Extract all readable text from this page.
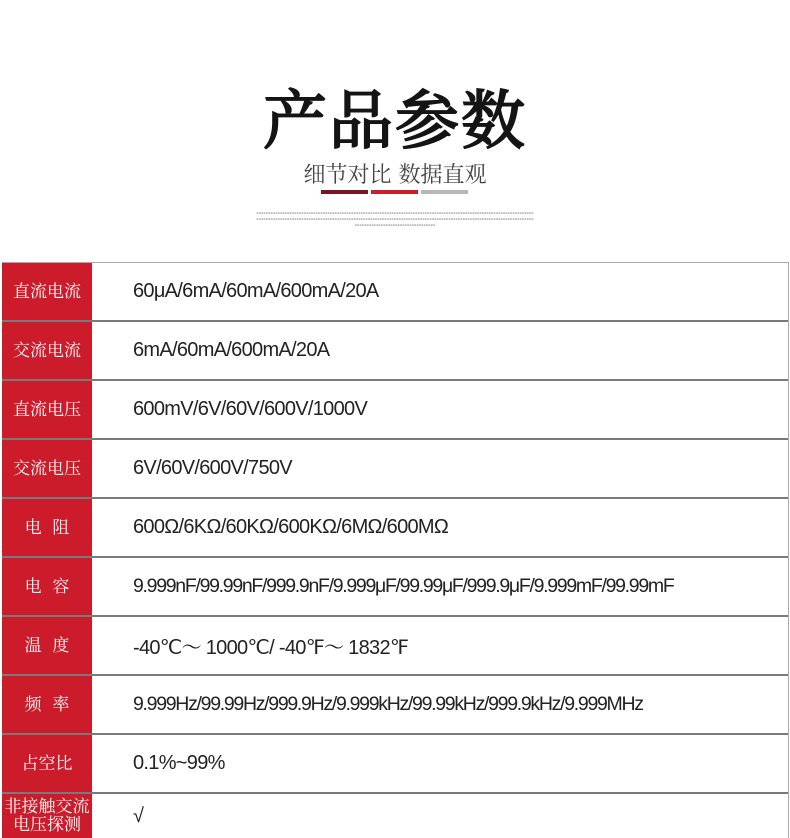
产品参数
细节对比 数据直观
▪▪▪▪▪▪▪▪▪▪▪▪▪▪▪▪▪▪▪▪▪▪▪▪▪▪▪▪▪▪▪▪▪▪▪▪▪▪▪▪▪▪▪▪▪▪▪▪▪▪▪▪▪▪▪▪▪▪▪▪▪▪▪▪▪▪▪▪▪▪▪▪▪▪▪▪▪▪▪▪▪▪▪▪▪▪▪▪▪▪▪▪▪▪▪▪▪▪▪▪▪▪▪▪▪▪▪▪▪▪▪▪▪▪▪▪▪
▪▪▪▪▪▪▪▪▪▪▪▪▪▪▪▪▪▪▪▪▪▪▪▪▪▪▪▪▪▪▪▪▪▪▪▪▪▪▪▪▪▪▪▪▪▪▪▪▪▪▪▪▪▪▪▪▪▪▪▪▪▪▪▪▪▪▪▪▪▪▪▪▪▪▪▪▪▪▪▪▪▪▪▪▪▪▪▪▪▪▪▪▪▪▪▪▪▪▪▪▪▪▪▪▪▪▪▪▪▪▪▪▪▪▪▪▪
▪▪▪▪▪▪▪▪▪▪▪▪▪▪▪▪▪▪▪▪▪▪▪▪▪▪▪▪▪▪▪▪▪▪
直流电流	60μA/6mA/60mA/600mA/20A
交流电流	6mA/60mA/600mA/20A
直流电压	600mV/6V/60V/600V/1000V
交流电压	6V/60V/600V/750V
电  阻	600Ω/6KΩ/60KΩ/600KΩ/6MΩ/600MΩ
电  容	9.999nF/99.99nF/999.9nF/9.999μF/99.99μF/999.9μF/9.999mF/99.99mF
温  度	-40℃～ 1000℃/ -40℉～ 1832℉
频  率	9.999Hz/99.99Hz/999.9Hz/9.999kHz/99.99kHz/999.9kHz/9.999MHz
占空比	0.1%~99%
非接触交流
电压探测	√
